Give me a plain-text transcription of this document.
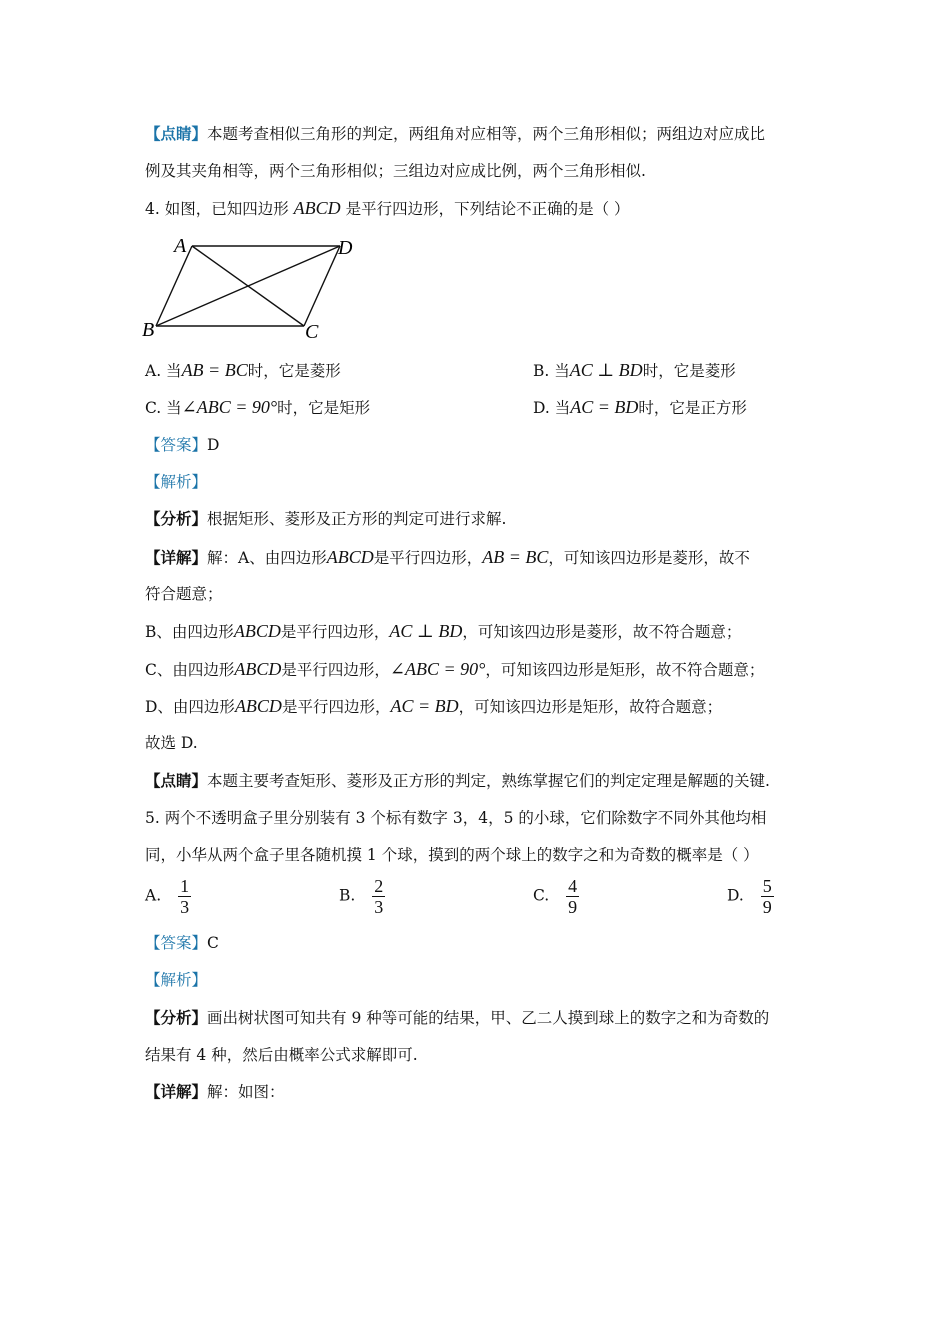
【点睛】本题考查相似三角形的判定，两组角对应相等，两个三角形相似；两组边对应成比
例及其夹角相等，两个三角形相似；三组边对应成比例，两个三角形相似.
4. 如图，已知四边形 ABCD 是平行四边形，下列结论不正确的是（ ）
A	D
B	C
A. 当AB = BC时，它是菱形	B. 当AC ⊥ BD时，它是菱形
C. 当∠ABC = 90°时，它是矩形	D. 当AC = BD时，它是正方形
【答案】D
【解析】
【分析】根据矩形、菱形及正方形的判定可进行求解.
【详解】解：A、由四边形ABCD是平行四边形，AB = BC，可知该四边形是菱形，故不
符合题意；
B、由四边形ABCD是平行四边形，AC ⊥ BD，可知该四边形是菱形，故不符合题意；
C、由四边形ABCD是平行四边形，∠ABC = 90°，可知该四边形是矩形，故不符合题意；
D、由四边形ABCD是平行四边形，AC = BD，可知该四边形是矩形，故符合题意；
故选 D.
【点睛】本题主要考查矩形、菱形及正方形的判定，熟练掌握它们的判定定理是解题的关键.
5. 两个不透明盒子里分别装有 3 个标有数字 3，4，5 的小球，它们除数字不同外其他均相
同，小华从两个盒子里各随机摸 1 个球，摸到的两个球上的数字之和为奇数的概率是（ ）
A. $\frac{1}{3}$	B. $\frac{2}{3}$	C. $\frac{4}{9}$	D. $\frac{5}{9}$
【答案】C
【解析】
【分析】画出树状图可知共有 9 种等可能的结果，甲、乙二人摸到球上的数字之和为奇数的
结果有 4 种，然后由概率公式求解即可.
【详解】解：如图：
